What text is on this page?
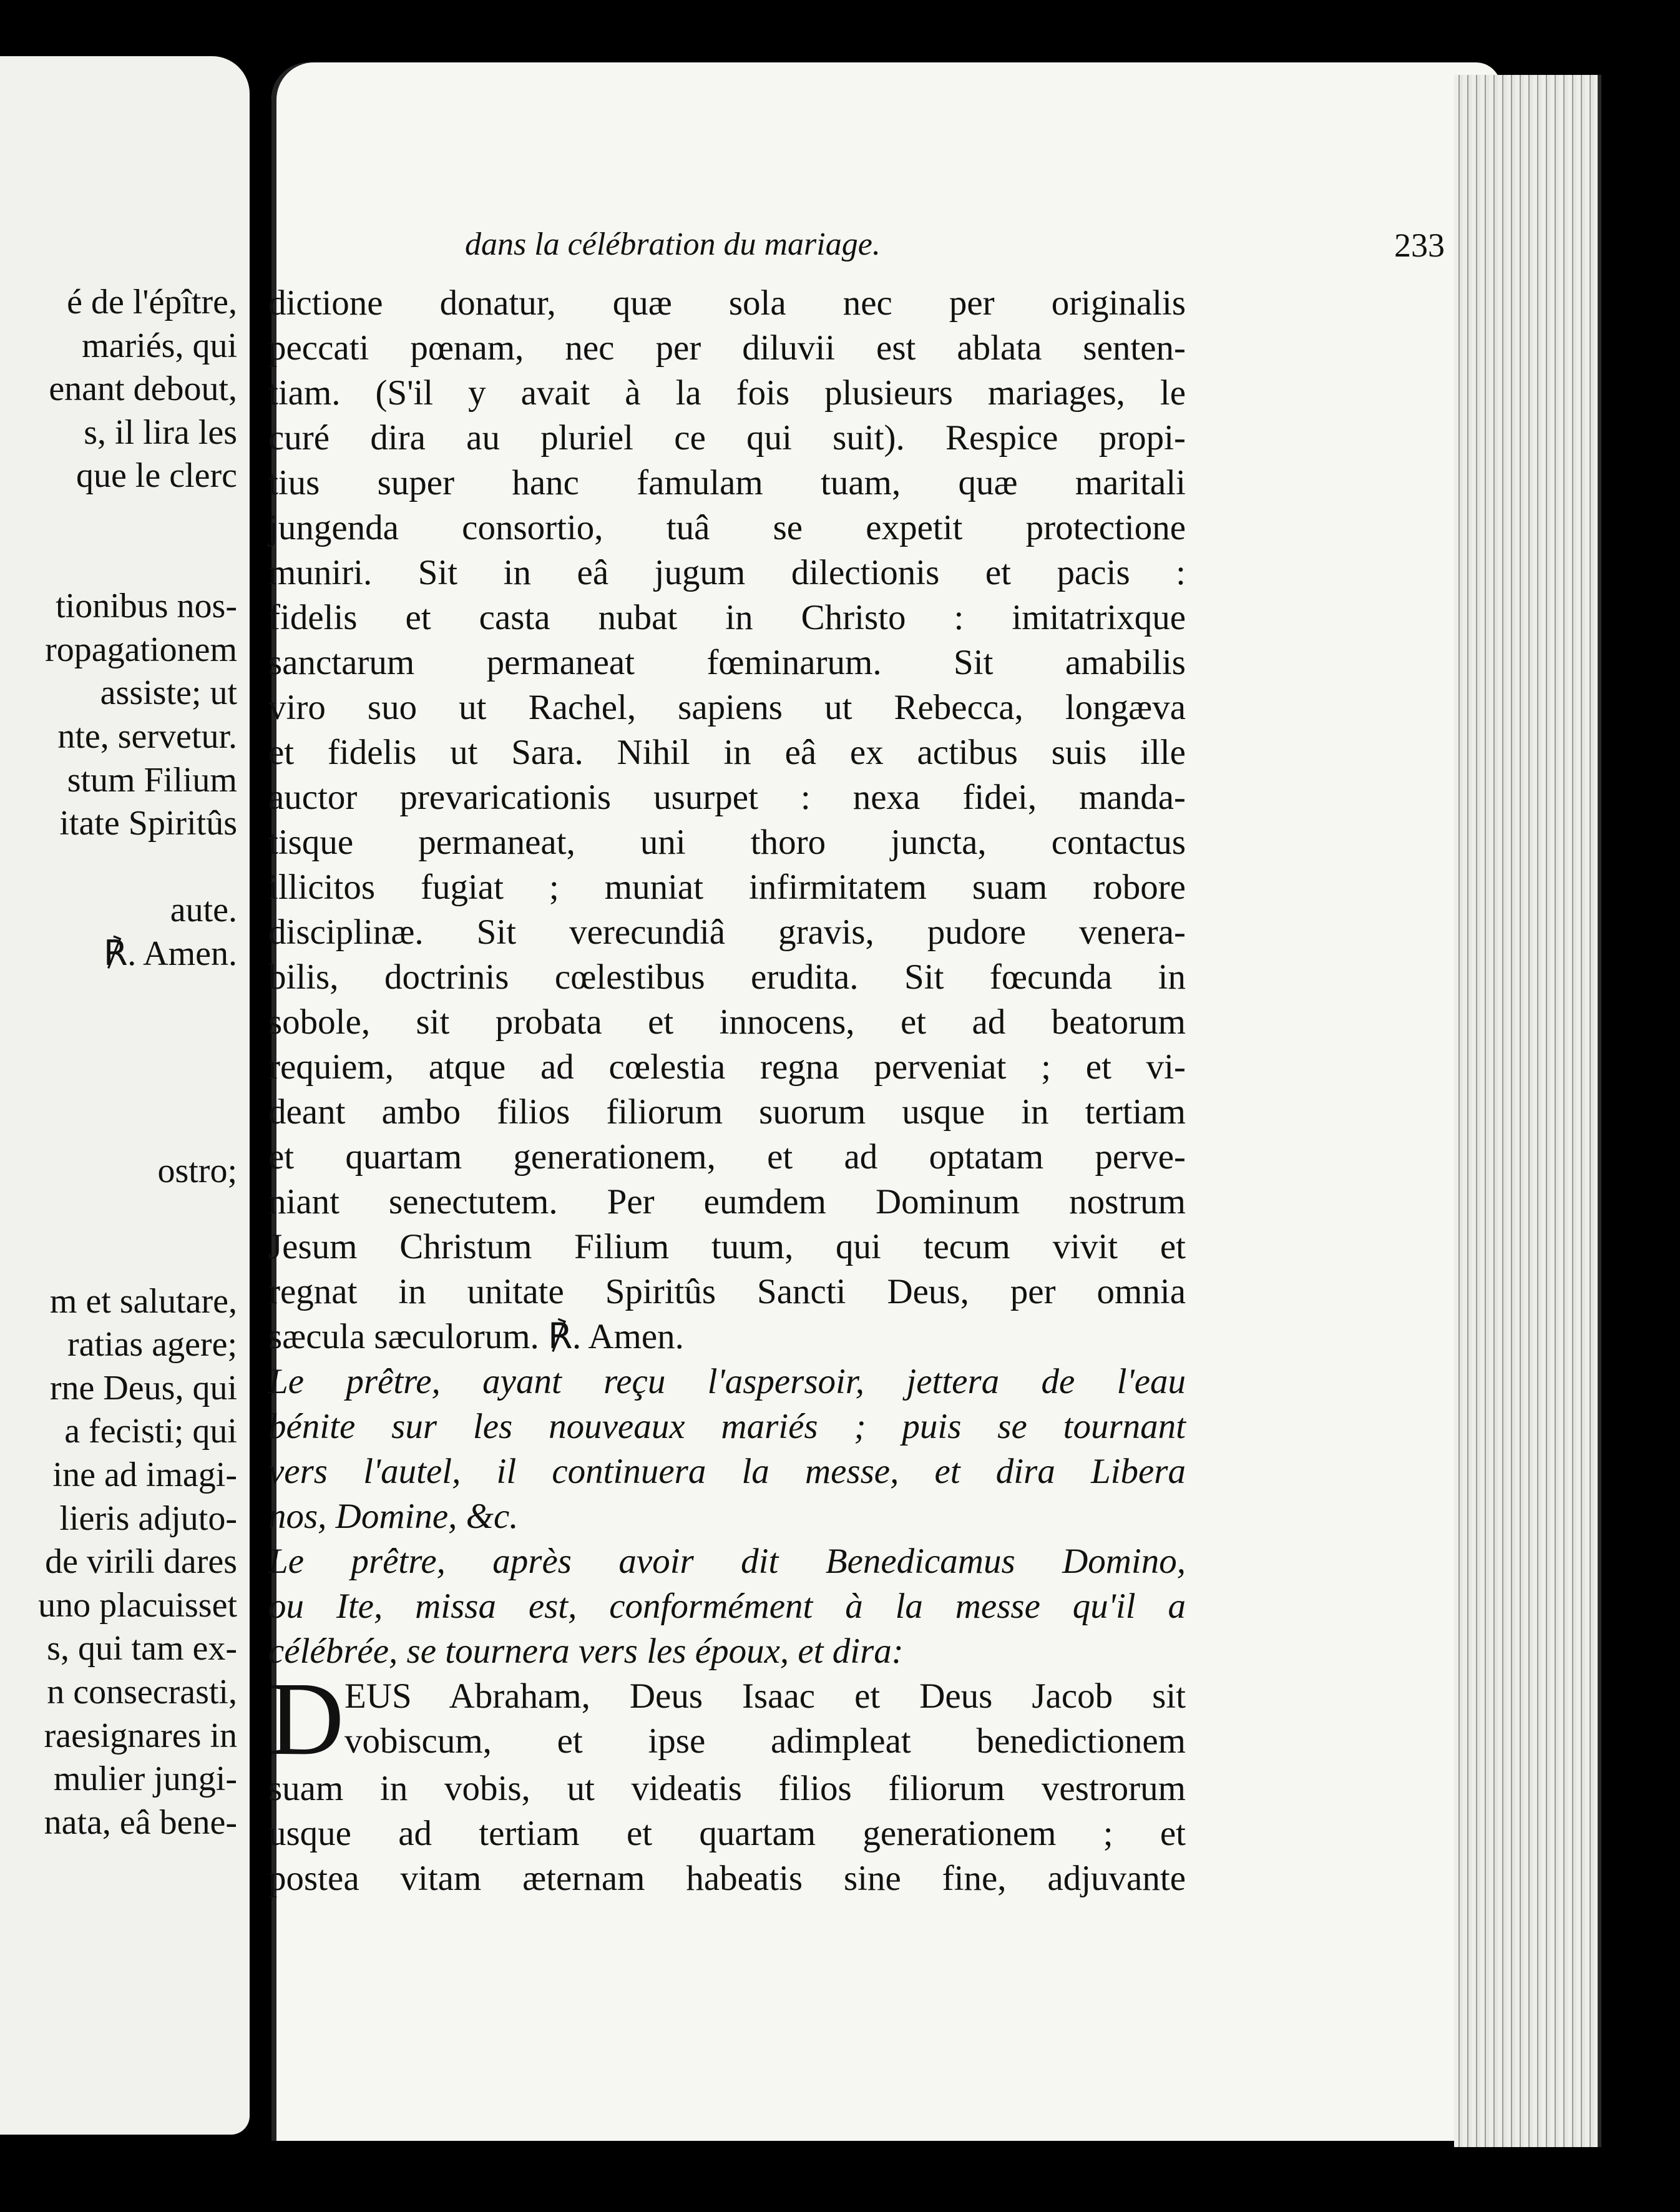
é de l'épître,
mariés, qui
enant debout,
s, il lira les
que le clerc
tionibus nos-
ropagationem
assiste; ut
nte, servetur.
stum Filium
itate Spiritûs
aute.
℟. Amen.
ostro;
m et salutare,
ratias agere;
rne Deus, qui
a fecisti; qui
ine ad imagi-
lieris adjuto-
de virili dares
uno placuisset
s, qui tam ex-
n consecrasti,
raesignares in
mulier jungi-
nata, eâ bene-
dans la célébration du mariage.	233
dictione donatur, quæ sola nec per originalis
peccati pœnam, nec per diluvii est ablata senten-
tiam. (S'il y avait à la fois plusieurs mariages, le
curé dira au pluriel ce qui suit). Respice propi-
tius super hanc famulam tuam, quæ maritali
jungenda consortio, tuâ se expetit protectione
muniri. Sit in eâ jugum dilectionis et pacis :
fidelis et casta nubat in Christo : imitatrixque
sanctarum permaneat fœminarum. Sit amabilis
viro suo ut Rachel, sapiens ut Rebecca, longæva
et fidelis ut Sara. Nihil in eâ ex actibus suis ille
auctor prevaricationis usurpet : nexa fidei, manda-
tisque permaneat, uni thoro juncta, contactus
illicitos fugiat ; muniat infirmitatem suam robore
disciplinæ. Sit verecundiâ gravis, pudore venera-
bilis, doctrinis cœlestibus erudita. Sit fœcunda in
sobole, sit probata et innocens, et ad beatorum
requiem, atque ad cœlestia regna perveniat ; et vi-
deant ambo filios filiorum suorum usque in tertiam
et quartam generationem, et ad optatam perve-
niant senectutem. Per eumdem Dominum nostrum
Jesum Christum Filium tuum, qui tecum vivit et
regnat in unitate Spiritûs Sancti Deus, per omnia
sæcula sæculorum. ℟. Amen.
Le prêtre, ayant reçu l'aspersoir, jettera de l'eau
bénite sur les nouveaux mariés ; puis se tournant
vers l'autel, il continuera la messe, et dira Libera
nos, Domine, &c.
Le prêtre, après avoir dit Benedicamus Domino,
ou Ite, missa est, conformément à la messe qu'il a
célébrée, se tournera vers les époux, et dira:
D EUS Abraham, Deus Isaac et Deus Jacob sit
vobiscum, et ipse adimpleat benedictionem
suam in vobis, ut videatis filios filiorum vestrorum
usque ad tertiam et quartam generationem ; et
postea vitam æternam habeatis sine fine, adjuvante
